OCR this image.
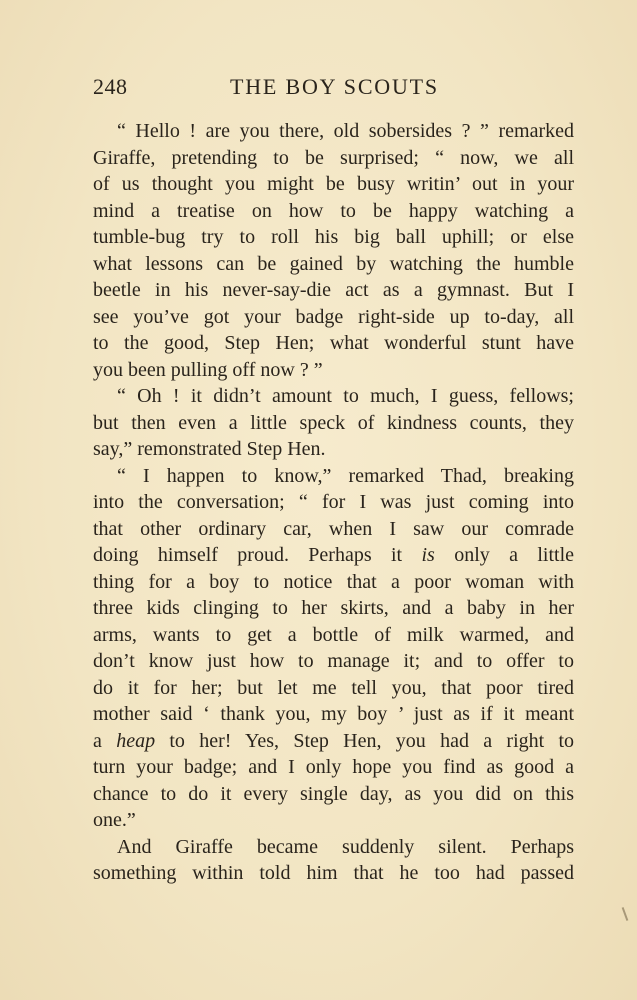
248	THE BOY SCOUTS
“ Hello ! are you there, old sobersides ? ” remarked
Giraffe, pretending to be surprised; “ now, we all
of us thought you might be busy writin’ out in your
mind a treatise on how to be happy watching a
tumble-bug try to roll his big ball uphill; or else
what lessons can be gained by watching the humble
beetle in his never-say-die act as a gymnast. But I
see you’ve got your badge right-side up to-day, all
to the good, Step Hen; what wonderful stunt have
you been pulling off now ? ”
“ Oh ! it didn’t amount to much, I guess, fellows;
but then even a little speck of kindness counts, they
say,” remonstrated Step Hen.
“ I happen to know,” remarked Thad, breaking
into the conversation; “ for I was just coming into
that other ordinary car, when I saw our comrade
doing himself proud. Perhaps it is only a little
thing for a boy to notice that a poor woman with
three kids clinging to her skirts, and a baby in her
arms, wants to get a bottle of milk warmed, and
don’t know just how to manage it; and to offer to
do it for her; but let me tell you, that poor tired
mother said ‘ thank you, my boy ’ just as if it meant
a heap to her! Yes, Step Hen, you had a right to
turn your badge; and I only hope you find as good a
chance to do it every single day, as you did on this
one.”
And Giraffe became suddenly silent. Perhaps
something within told him that he too had passed
